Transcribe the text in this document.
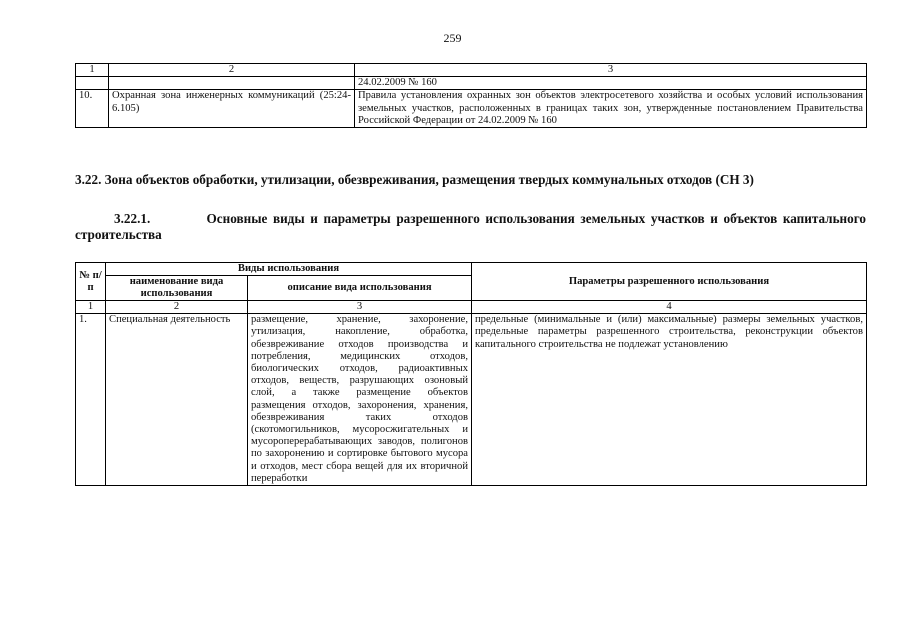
259
1	2	3
		24.02.2009 № 160
10.	Охранная зона инженерных коммуникаций (25:24-6.105)	Правила установления охранных зон объектов электросетевого хозяйства и особых условий использования земельных участков, расположенных в границах таких зон, утвержденные постановлением Правительства Российской Федерации от 24.02.2009 № 160
3.22. Зона объектов обработки, утилизации, обезвреживания, размещения твердых коммунальных отходов (СН 3)
3.22.1.	Основные виды и параметры разрешенного использования земельных участков и объектов капитального строительства
№ п/п	Виды использования		Параметры разрешенного использования
	наименование вида использования	описание вида использования	
1	2	3	4
1.	Специальная деятельность	размещение, хранение, захоронение, утилизация, накопление, обработка, обезвреживание отходов производства и потребления, медицинских отходов, биологических отходов, радиоактивных отходов, веществ, разрушающих озоновый слой, а также размещение объектов размещения отходов, захоронения, хранения, обезвреживания таких отходов (скотомогильников, мусоросжигательных и мусороперерабатывающих заводов, полигонов по захоронению и сортировке бытового мусора и отходов, мест сбора вещей для их вторичной переработки	предельные (минимальные и (или) максимальные) размеры земельных участков, предельные параметры разрешенного строительства, реконструкции объектов капитального строительства не подлежат установлению
